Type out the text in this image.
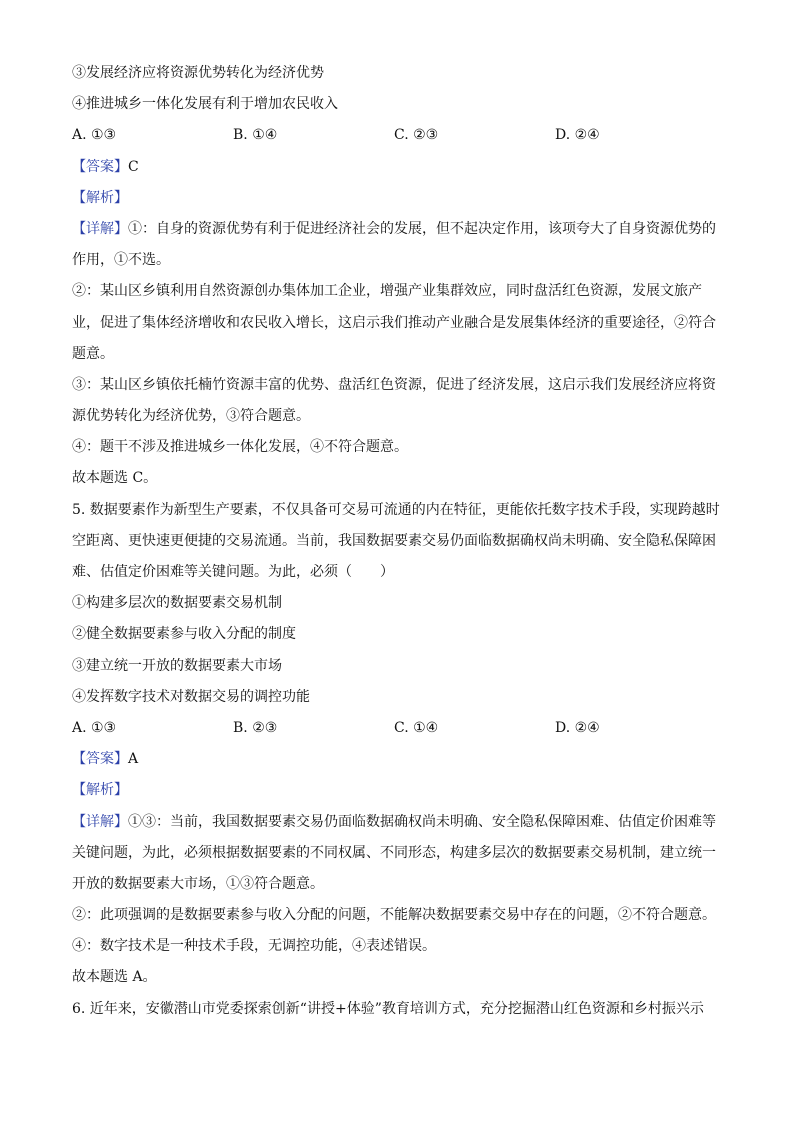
③发展经济应将资源优势转化为经济优势
④推进城乡一体化发展有利于增加农民收入
A. ①③	B. ①④	C. ②③	D. ②④
【答案】C
【解析】
【详解】①：自身的资源优势有利于促进经济社会的发展，但不起决定作用，该项夸大了自身资源优势的
作用，①不选。
②：某山区乡镇利用自然资源创办集体加工企业，增强产业集群效应，同时盘活红色资源，发展文旅产
业，促进了集体经济增收和农民收入增长，这启示我们推动产业融合是发展集体经济的重要途径，②符合
题意。
③：某山区乡镇依托楠竹资源丰富的优势、盘活红色资源，促进了经济发展，这启示我们发展经济应将资
源优势转化为经济优势，③符合题意。
④：题干不涉及推进城乡一体化发展，④不符合题意。
故本题选 C。
5. 数据要素作为新型生产要素，不仅具备可交易可流通的内在特征，更能依托数字技术手段，实现跨越时
空距离、更快速更便捷的交易流通。当前，我国数据要素交易仍面临数据确权尚未明确、安全隐私保障困
难、估值定价困难等关键问题。为此，必须（　　）
①构建多层次的数据要素交易机制
②健全数据要素参与收入分配的制度
③建立统一开放的数据要素大市场
④发挥数字技术对数据交易的调控功能
A. ①③	B. ②③	C. ①④	D. ②④
【答案】A
【解析】
【详解】①③：当前，我国数据要素交易仍面临数据确权尚未明确、安全隐私保障困难、估值定价困难等
关键问题，为此，必须根据数据要素的不同权属、不同形态，构建多层次的数据要素交易机制，建立统一
开放的数据要素大市场，①③符合题意。
②：此项强调的是数据要素参与收入分配的问题，不能解决数据要素交易中存在的问题，②不符合题意。
④：数字技术是一种技术手段，无调控功能，④表述错误。
故本题选 A。
6. 近年来，安徽潜山市党委探索创新“讲授+体验”教育培训方式，充分挖掘潜山红色资源和乡村振兴示
